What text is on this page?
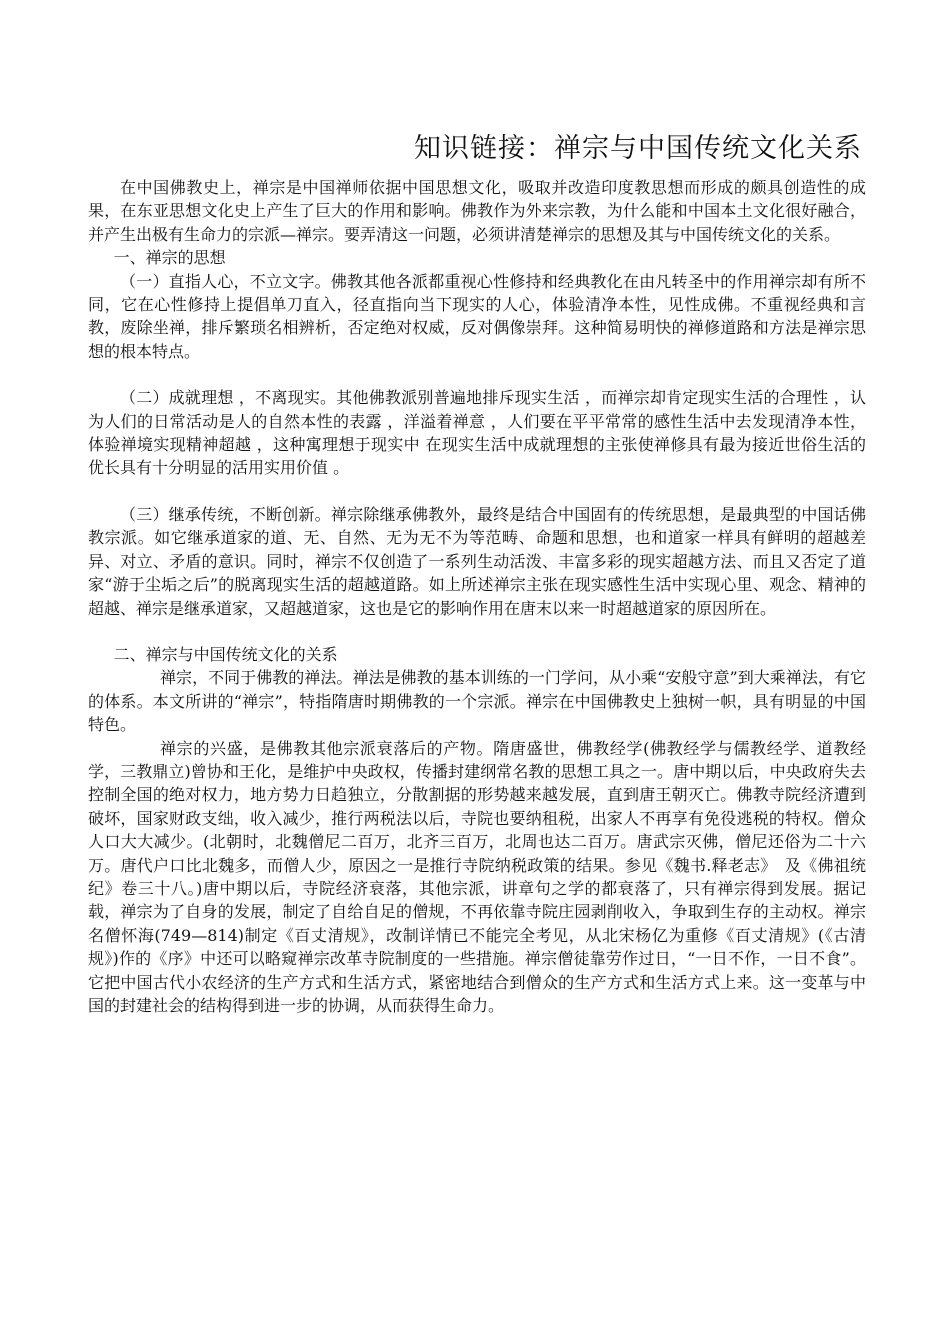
知识链接：禅宗与中国传统文化关系

在中国佛教史上，禅宗是中国禅师依据中国思想文化，吸取并改造印度教思想而形成的颇具创造性的成果，在东亚思想文化史上产生了巨大的作用和影响。佛教作为外来宗教，为什么能和中国本土文化很好融合，并产生出极有生命力的宗派—禅宗。要弄清这一问题，必须讲清楚禅宗的思想及其与中国传统文化的关系。

一、禅宗的思想

（一）直指人心，不立文字。佛教其他各派都重视心性修持和经典教化在由凡转圣中的作用禅宗却有所不同，它在心性修持上提倡单刀直入，径直指向当下现实的人心，体验清净本性，见性成佛。不重视经典和言教，废除坐禅，排斥繁琐名相辨析，否定绝对权威，反对偶像崇拜。这种简易明快的禅修道路和方法是禅宗思想的根本特点。

（二）成就理想 ，不离现实。其他佛教派别普遍地排斥现实生活 ，而禅宗却肯定现实生活的合理性 ，认为人们的日常活动是人的自然本性的表露 ，洋溢着禅意 ，人们要在平平常常的感性生活中去发现清净本性，体验禅境实现精神超越 ，这种寓理想于现实中 在现实生活中成就理想的主张使禅修具有最为接近世俗生活的优长具有十分明显的活用实用价值 。

（三）继承传统，不断创新。禅宗除继承佛教外，最终是结合中国固有的传统思想，是最典型的中国话佛教宗派。如它继承道家的道、无、自然、无为无不为等范畴、命题和思想，也和道家一样具有鲜明的超越差异、对立、矛盾的意识。同时，禅宗不仅创造了一系列生动活泼、丰富多彩的现实超越方法、而且又否定了道家“游于尘垢之后”的脱离现实生活的超越道路。如上所述禅宗主张在现实感性生活中实现心里、观念、精神的超越、禅宗是继承道家，又超越道家，这也是它的影响作用在唐末以来一时超越道家的原因所在。

二、禅宗与中国传统文化的关系

禅宗，不同于佛教的禅法。禅法是佛教的基本训练的一门学问，从小乘“安般守意”到大乘禅法，有它的体系。本文所讲的“禅宗”，特指隋唐时期佛教的一个宗派。禅宗在中国佛教史上独树一帜，具有明显的中国特色。

禅宗的兴盛，是佛教其他宗派衰落后的产物。隋唐盛世，佛教经学(佛教经学与儒教经学、道教经学，三教鼎立)曾协和王化，是维护中央政权，传播封建纲常名教的思想工具之一。唐中期以后，中央政府失去控制全国的绝对权力，地方势力日趋独立，分散割据的形势越来越发展，直到唐王朝灭亡。佛教寺院经济遭到破坏，国家财政支绌，收入减少，推行两税法以后，寺院也要纳租税，出家人不再享有免役逃税的特权。僧众人口大大减少。(北朝时，北魏僧尼二百万，北齐三百万，北周也达二百万。唐武宗灭佛，僧尼还俗为二十六万。唐代户口比北魏多，而僧人少，原因之一是推行寺院纳税政策的结果。参见《魏书.释老志》　及《佛祖统纪》卷三十八。)唐中期以后，寺院经济衰落，其他宗派，讲章句之学的都衰落了，只有禅宗得到发展。据记载，禅宗为了自身的发展，制定了自给自足的僧规，不再依靠寺院庄园剥削收入，争取到生存的主动权。禅宗名僧怀海(749—814)制定《百丈清规》，改制详情已不能完全考见，从北宋杨亿为重修《百丈清规》(《古清规》)作的《序》中还可以略窥禅宗改革寺院制度的一些措施。禅宗僧徒靠劳作过日，“一日不作，一日不食”。它把中国古代小农经济的生产方式和生活方式，紧密地结合到僧众的生产方式和生活方式上来。这一变革与中国的封建社会的结构得到进一步的协调，从而获得生命力。
